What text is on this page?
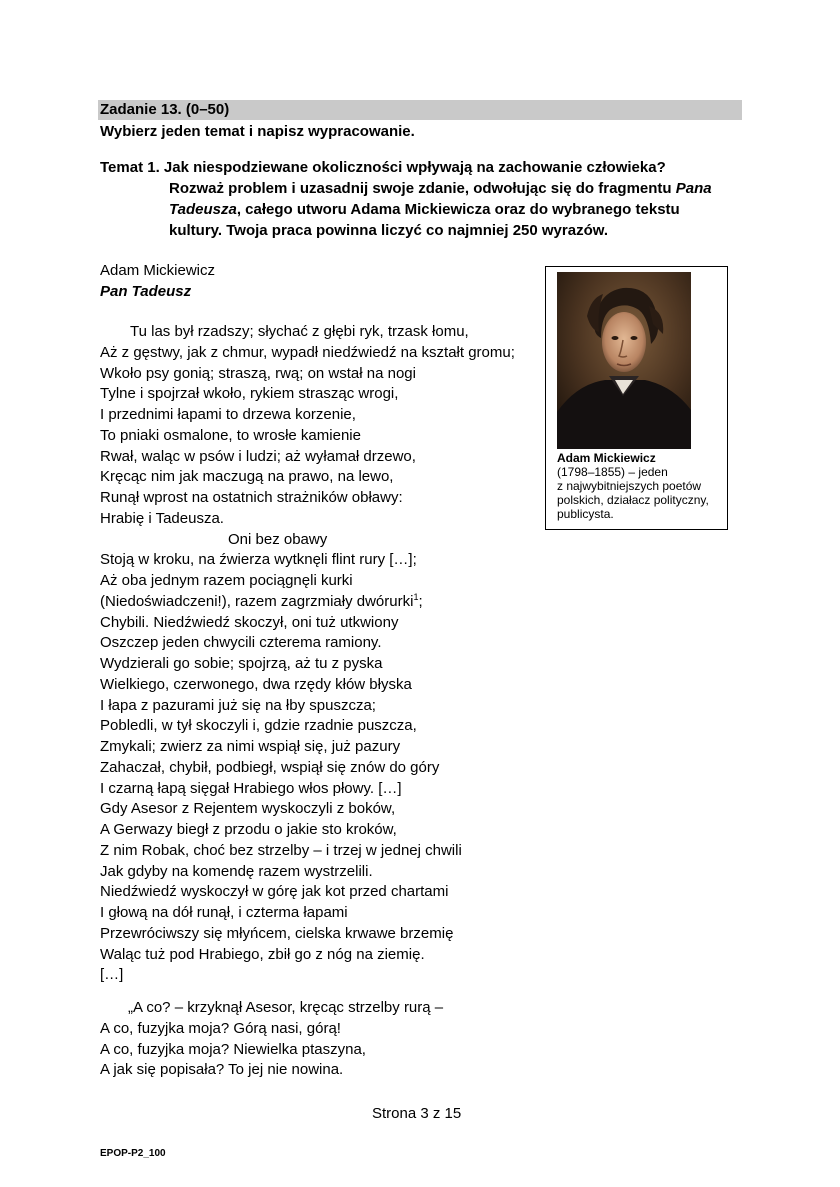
Zadanie 13. (0–50)
Wybierz jeden temat i napisz wypracowanie.
Temat 1. Jak niespodziewane okoliczności wpływają na zachowanie człowieka?
Rozważ problem i uzasadnij swoje zdanie, odwołując się do fragmentu Pana
Tadeusza, całego utworu Adama Mickiewicza oraz do wybranego tekstu
kultury. Twoja praca powinna liczyć co najmniej 250 wyrazów.
Adam Mickiewicz
Pan Tadeusz
Tu las był rzadszy; słychać z głębi ryk, trzask łomu,
Aż z gęstwy, jak z chmur, wypadł niedźwiedź na kształt gromu;
Wkoło psy gonią; straszą, rwą; on wstał na nogi
Tylne i spojrzał wkoło, rykiem strasząc wrogi,
I przednimi łapami to drzewa korzenie,
To pniaki osmalone, to wrosłe kamienie
Rwał, waląc w psów i ludzi; aż wyłamał drzewo,
Kręcąc nim jak maczugą na prawo, na lewo,
Runął wprost na ostatnich strażników obławy:
Hrabię i Tadeusza.
Oni bez obawy
Stoją w kroku, na źwierza wytknęli flint rury […];
Aż oba jednym razem pociągnęli kurki
(Niedoświadczeni!), razem zagrzmiały dwórurki$^1$;
Chybili. Niedźwiedź skoczył, oni tuż utkwiony
Oszczep jeden chwycili czterema ramiony.
Wydzierali go sobie; spojrzą, aż tu z pyska
Wielkiego, czerwonego, dwa rzędy kłów błyska
I łapa z pazurami już się na łby spuszcza;
Pobledli, w tył skoczyli i, gdzie rzadnie puszcza,
Zmykali; zwierz za nimi wspiął się, już pazury
Zahaczał, chybił, podbiegł, wspiął się znów do góry
I czarną łapą sięgał Hrabiego włos płowy. […]
Gdy Asesor z Rejentem wyskoczyli z boków,
A Gerwazy biegł z przodu o jakie sto kroków,
Z nim Robak, choć bez strzelby – i trzej w jednej chwili
Jak gdyby na komendę razem wystrzelili.
Niedźwiedź wyskoczył w górę jak kot przed chartami
I głową na dół runął, i czterma łapami
Przewróciwszy się młyńcem, cielska krwawe brzemię
Waląc tuż pod Hrabiego, zbił go z nóg na ziemię.
[…]
„A co? – krzyknął Asesor, kręcąc strzelby rurą –
A co, fuzyjka moja? Górą nasi, górą!
A co, fuzyjka moja? Niewielka ptaszyna,
A jak się popisała? To jej nie nowina.
Adam Mickiewicz
(1798–1855) – jeden
z najwybitniejszych poetów
polskich, działacz polityczny,
publicysta.
Strona 3 z 15
EPOP-P2_100
